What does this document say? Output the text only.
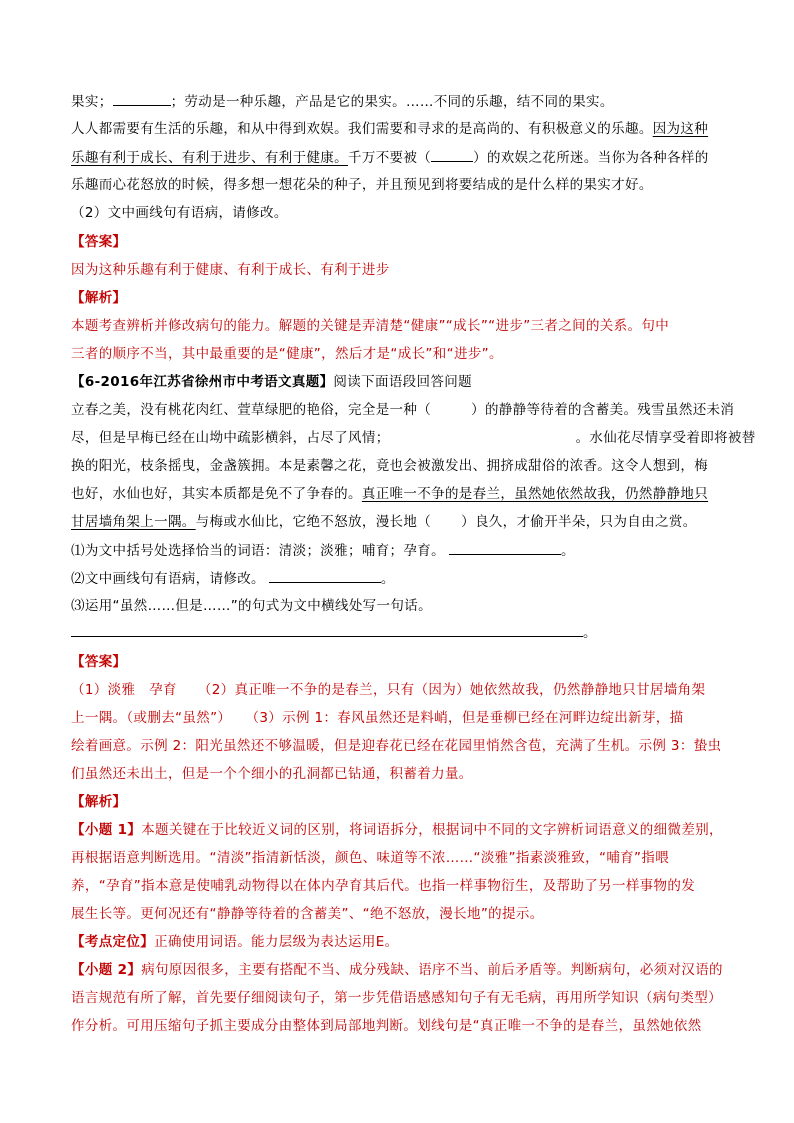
果实；	；劳动是一种乐趣，产品是它的果实。……不同的乐趣，结不同的果实。
人人都需要有生活的乐趣，和从中得到欢娱。我们需要和寻求的是高尚的、有积极意义的乐趣。因为这种
乐趣有利于成长、有利于进步、有利于健康。千万不要被（	）的欢娱之花所迷。当你为各种各样的
乐趣而心花怒放的时候，得多想一想花朵的种子，并且预见到将要结成的是什么样的果实才好。
（2）文中画线句有语病，请修改。
【答案】
因为这种乐趣有利于健康、有利于成长、有利于进步
【解析】
本题考查辨析并修改病句的能力。解题的关键是弄清楚“健康”“成长”“进步”三者之间的关系。句中
三者的顺序不当，其中最重要的是“健康”，然后才是“成长”和“进步”。
【6-2016年江苏省徐州市中考语文真题】阅读下面语段回答问题
立春之美，没有桃花肉红、萱草绿肥的艳俗，完全是一种（	）的静静等待着的含蓄美。残雪虽然还未消
尽，但是早梅已经在山坳中疏影横斜，占尽了风情；	。水仙花尽情享受着即将被替
换的阳光，枝条摇曳，金盏簇拥。本是素馨之花，竟也会被激发出、拥挤成甜俗的浓香。这令人想到，梅
也好，水仙也好，其实本质都是免不了争春的。真正唯一不争的是春兰，虽然她依然故我，仍然静静地只
甘居墙角架上一隅。与梅或水仙比，它绝不怒放，漫长地（ ）良久，才偷开半朵，只为自由之赏。
⑴为文中括号处选择恰当的词语：清淡；淡雅；哺育；孕育。	。
⑵文中画线句有语病，请修改。	。
⑶运用“虽然……但是……”的句式为文中横线处写一句话。
。
【答案】
（1）淡雅　孕育　　（2）真正唯一不争的是春兰，只有（因为）她依然故我，仍然静静地只甘居墙角架
上一隅。（或删去“虽然”）　　（3）示例 1：春风虽然还是料峭，但是垂柳已经在河畔边绽出新芽，描
绘着画意。示例 2：阳光虽然还不够温暖，但是迎春花已经在花园里悄然含苞，充满了生机。示例 3：蛰虫
们虽然还未出土，但是一个个细小的孔洞都已钻通，积蓄着力量。
【解析】
【小题 1】本题关键在于比较近义词的区别，将词语拆分，根据词中不同的文字辨析词语意义的细微差别，
再根据语意判断选用。“清淡”指清新恬淡，颜色、味道等不浓……“淡雅”指素淡雅致，“哺育”指喂
养，“孕育”指本意是使哺乳动物得以在体内孕育其后代。也指一样事物衍生，及帮助了另一样事物的发
展生长等。更何况还有“静静等待着的含蓄美”、“绝不怒放，漫长地”的提示。
【考点定位】正确使用词语。能力层级为表达运用E。
【小题 2】病句原因很多，主要有搭配不当、成分残缺、语序不当、前后矛盾等。判断病句，必须对汉语的
语言规范有所了解，首先要仔细阅读句子，第一步凭借语感感知句子有无毛病，再用所学知识（病句类型）
作分析。可用压缩句子抓主要成分由整体到局部地判断。划线句是“真正唯一不争的是春兰，虽然她依然
